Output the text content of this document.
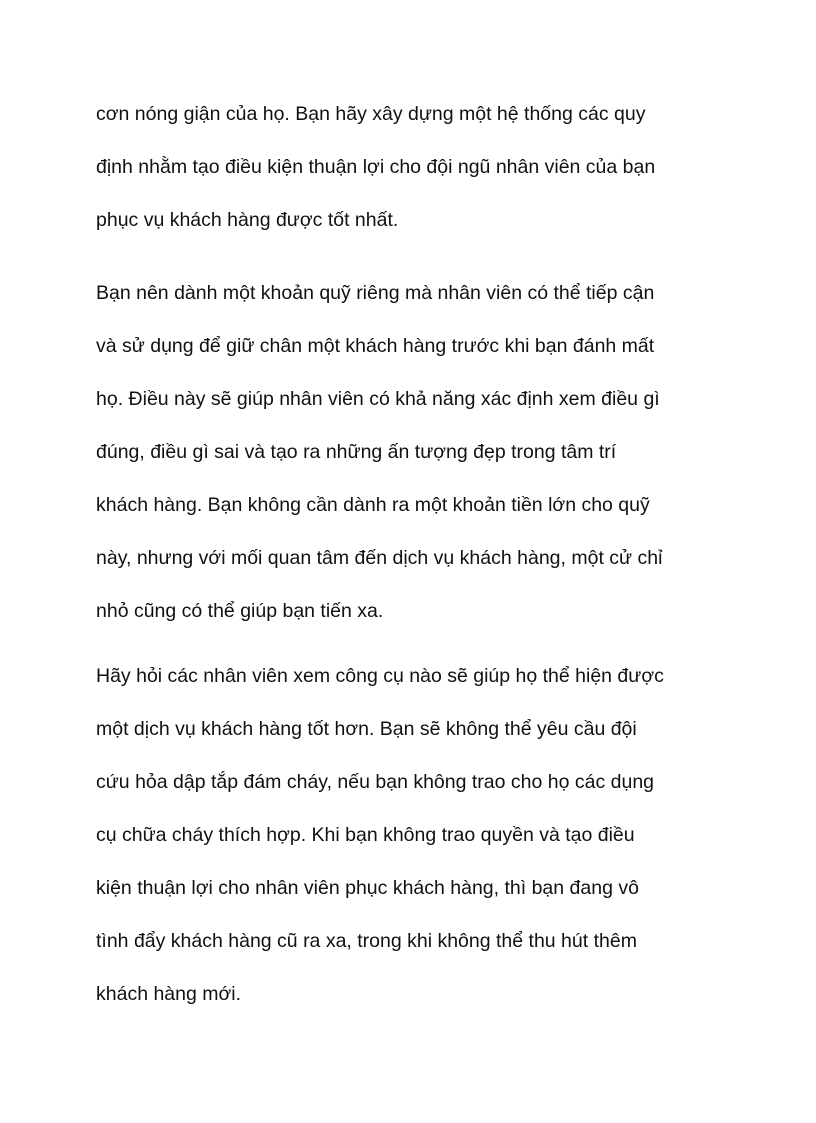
cơn nóng giận của họ. Bạn hãy xây dựng một hệ thống các quy
định nhằm tạo điều kiện thuận lợi cho đội ngũ nhân viên của bạn
phục vụ khách hàng được tốt nhất.
Bạn nên dành một khoản quỹ riêng mà nhân viên có thể tiếp cận
và sử dụng để giữ chân một khách hàng trước khi bạn đánh mất
họ. Điều này sẽ giúp nhân viên có khả năng xác định xem điều gì
đúng, điều gì sai và tạo ra những ấn tượng đẹp trong tâm trí
khách hàng. Bạn không cần dành ra một khoản tiền lớn cho quỹ
này, nhưng với mối quan tâm đến dịch vụ khách hàng, một cử chỉ
nhỏ cũng có thể giúp bạn tiến xa.
Hãy hỏi các nhân viên xem công cụ nào sẽ giúp họ thể hiện được
một dịch vụ khách hàng tốt hơn. Bạn sẽ không thể yêu cầu đội
cứu hỏa dập tắp đám cháy, nếu bạn không trao cho họ các dụng
cụ chữa cháy thích hợp. Khi bạn không trao quyền và tạo điều
kiện thuận lợi cho nhân viên phục khách hàng, thì bạn đang vô
tình đẩy khách hàng cũ ra xa, trong khi không thể thu hút thêm
khách hàng mới.
